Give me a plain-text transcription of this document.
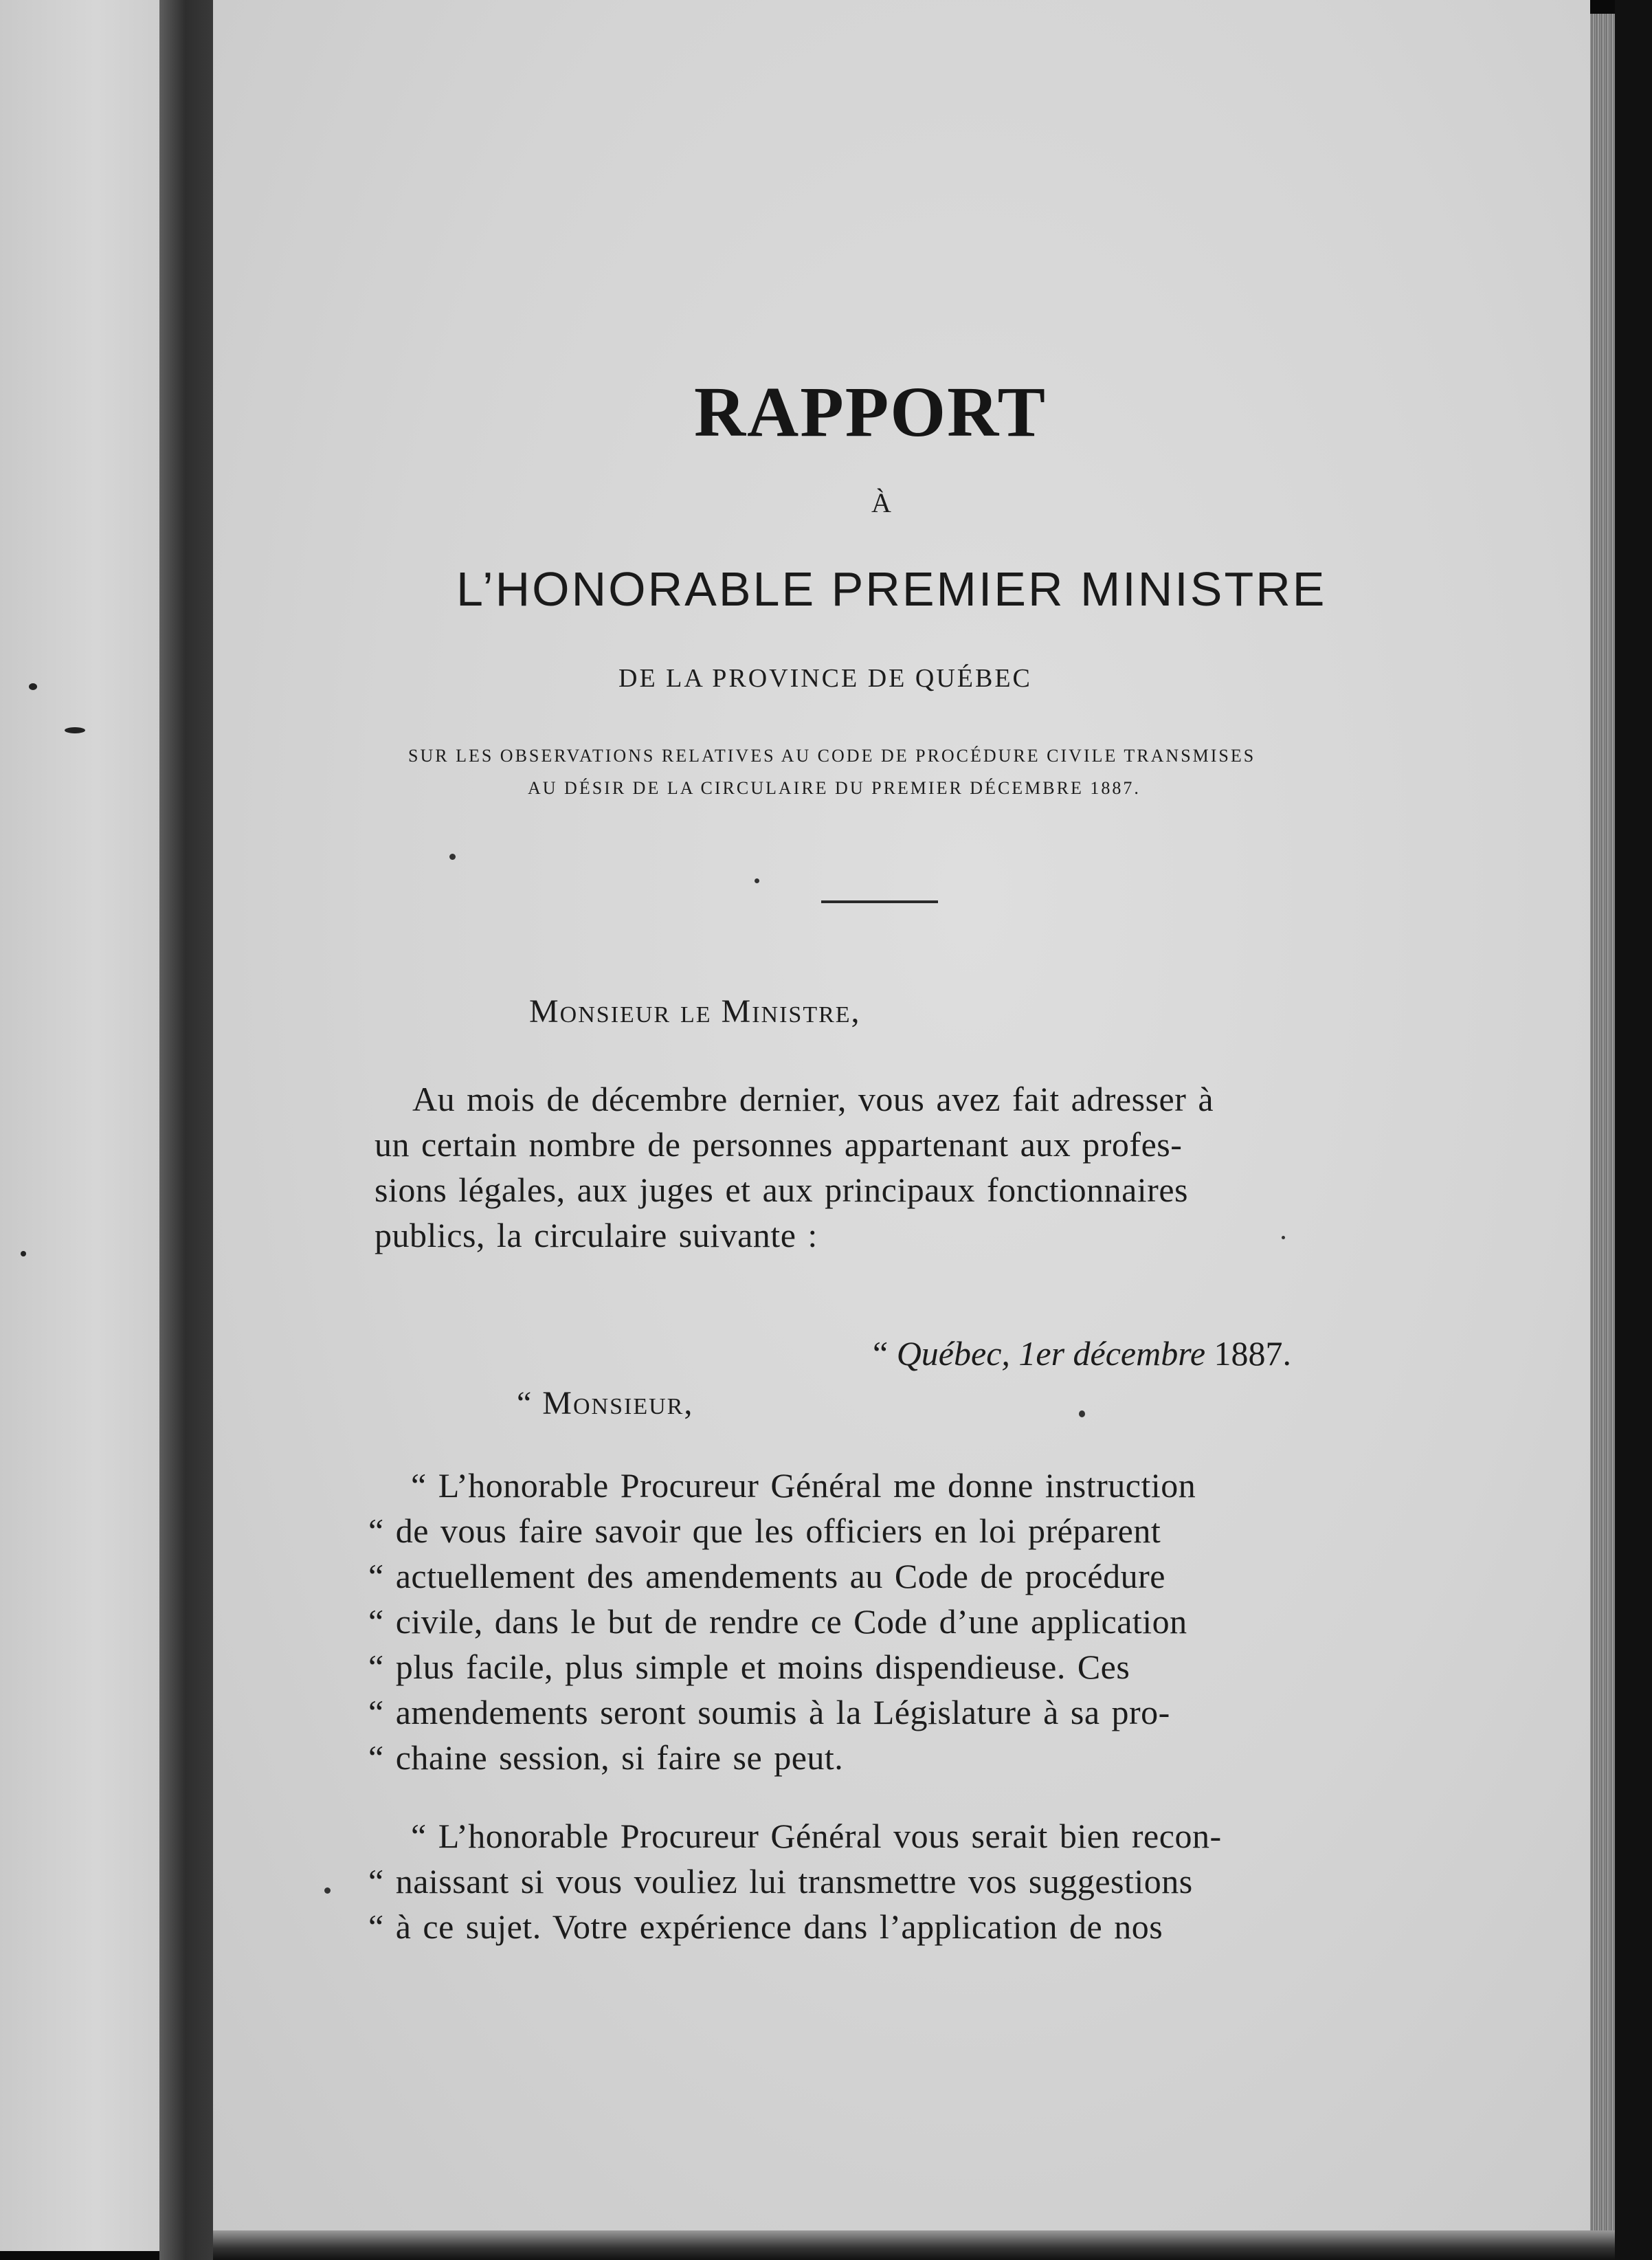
RAPPORT

À

L’HONORABLE PREMIER MINISTRE

DE LA PROVINCE DE QUÉBEC

SUR LES OBSERVATIONS RELATIVES AU CODE DE PROCÉDURE CIVILE TRANSMISES

AU DÉSIR DE LA CIRCULAIRE DU PREMIER DÉCEMBRE 1887.

Monsieur le Ministre,

Au mois de décembre dernier, vous avez fait adresser à

un certain nombre de personnes appartenant aux profes-

sions légales, aux juges et aux principaux fonctionnaires

publics, la circulaire suivante :

“ Québec, 1er décembre 1887.

“ Monsieur,

“ L’honorable Procureur Général me donne instruction

“ de vous faire savoir que les officiers en loi préparent

“ actuellement des amendements au Code de procédure

“ civile, dans le but de rendre ce Code d’une application

“ plus facile, plus simple et moins dispendieuse. Ces

“ amendements seront soumis à la Législature à sa pro-

“ chaine session, si faire se peut.

“ L’honorable Procureur Général vous serait bien recon-

“ naissant si vous vouliez lui transmettre vos suggestions

“ à ce sujet. Votre expérience dans l’application de nos
